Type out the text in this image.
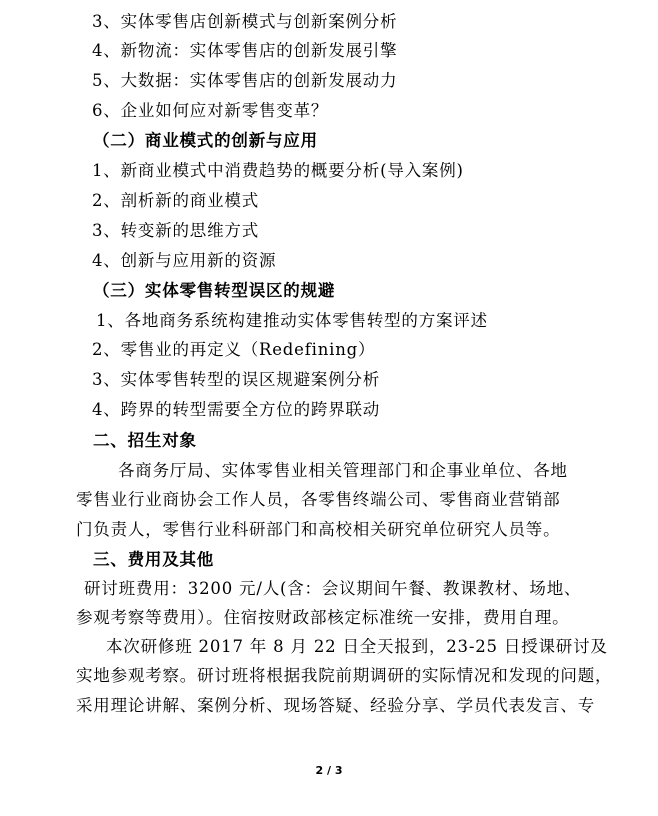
3、实体零售店创新模式与创新案例分析
4、新物流：实体零售店的创新发展引擎
5、大数据：实体零售店的创新发展动力
6、企业如何应对新零售变革？
（二）商业模式的创新与应用
1、新商业模式中消费趋势的概要分析(导入案例)
2、剖析新的商业模式
3、转变新的思维方式
4、创新与应用新的资源
（三）实体零售转型误区的规避
1、各地商务系统构建推动实体零售转型的方案评述
2、零售业的再定义（Redefining）
3、实体零售转型的误区规避案例分析
4、跨界的转型需要全方位的跨界联动
二、招生对象
各商务厅局、实体零售业相关管理部门和企事业单位、各地
零售业行业商协会工作人员，各零售终端公司、零售商业营销部
门负责人，零售行业科研部门和高校相关研究单位研究人员等。
三、费用及其他
研讨班费用：3200 元/人(含：会议期间午餐、教课教材、场地、
参观考察等费用）。住宿按财政部核定标准统一安排，费用自理。
本次研修班 2017 年 8 月 22 日全天报到，23-25 日授课研讨及
实地参观考察。研讨班将根据我院前期调研的实际情况和发现的问题，
采用理论讲解、案例分析、现场答疑、经验分享、学员代表发言、专
2 / 3
